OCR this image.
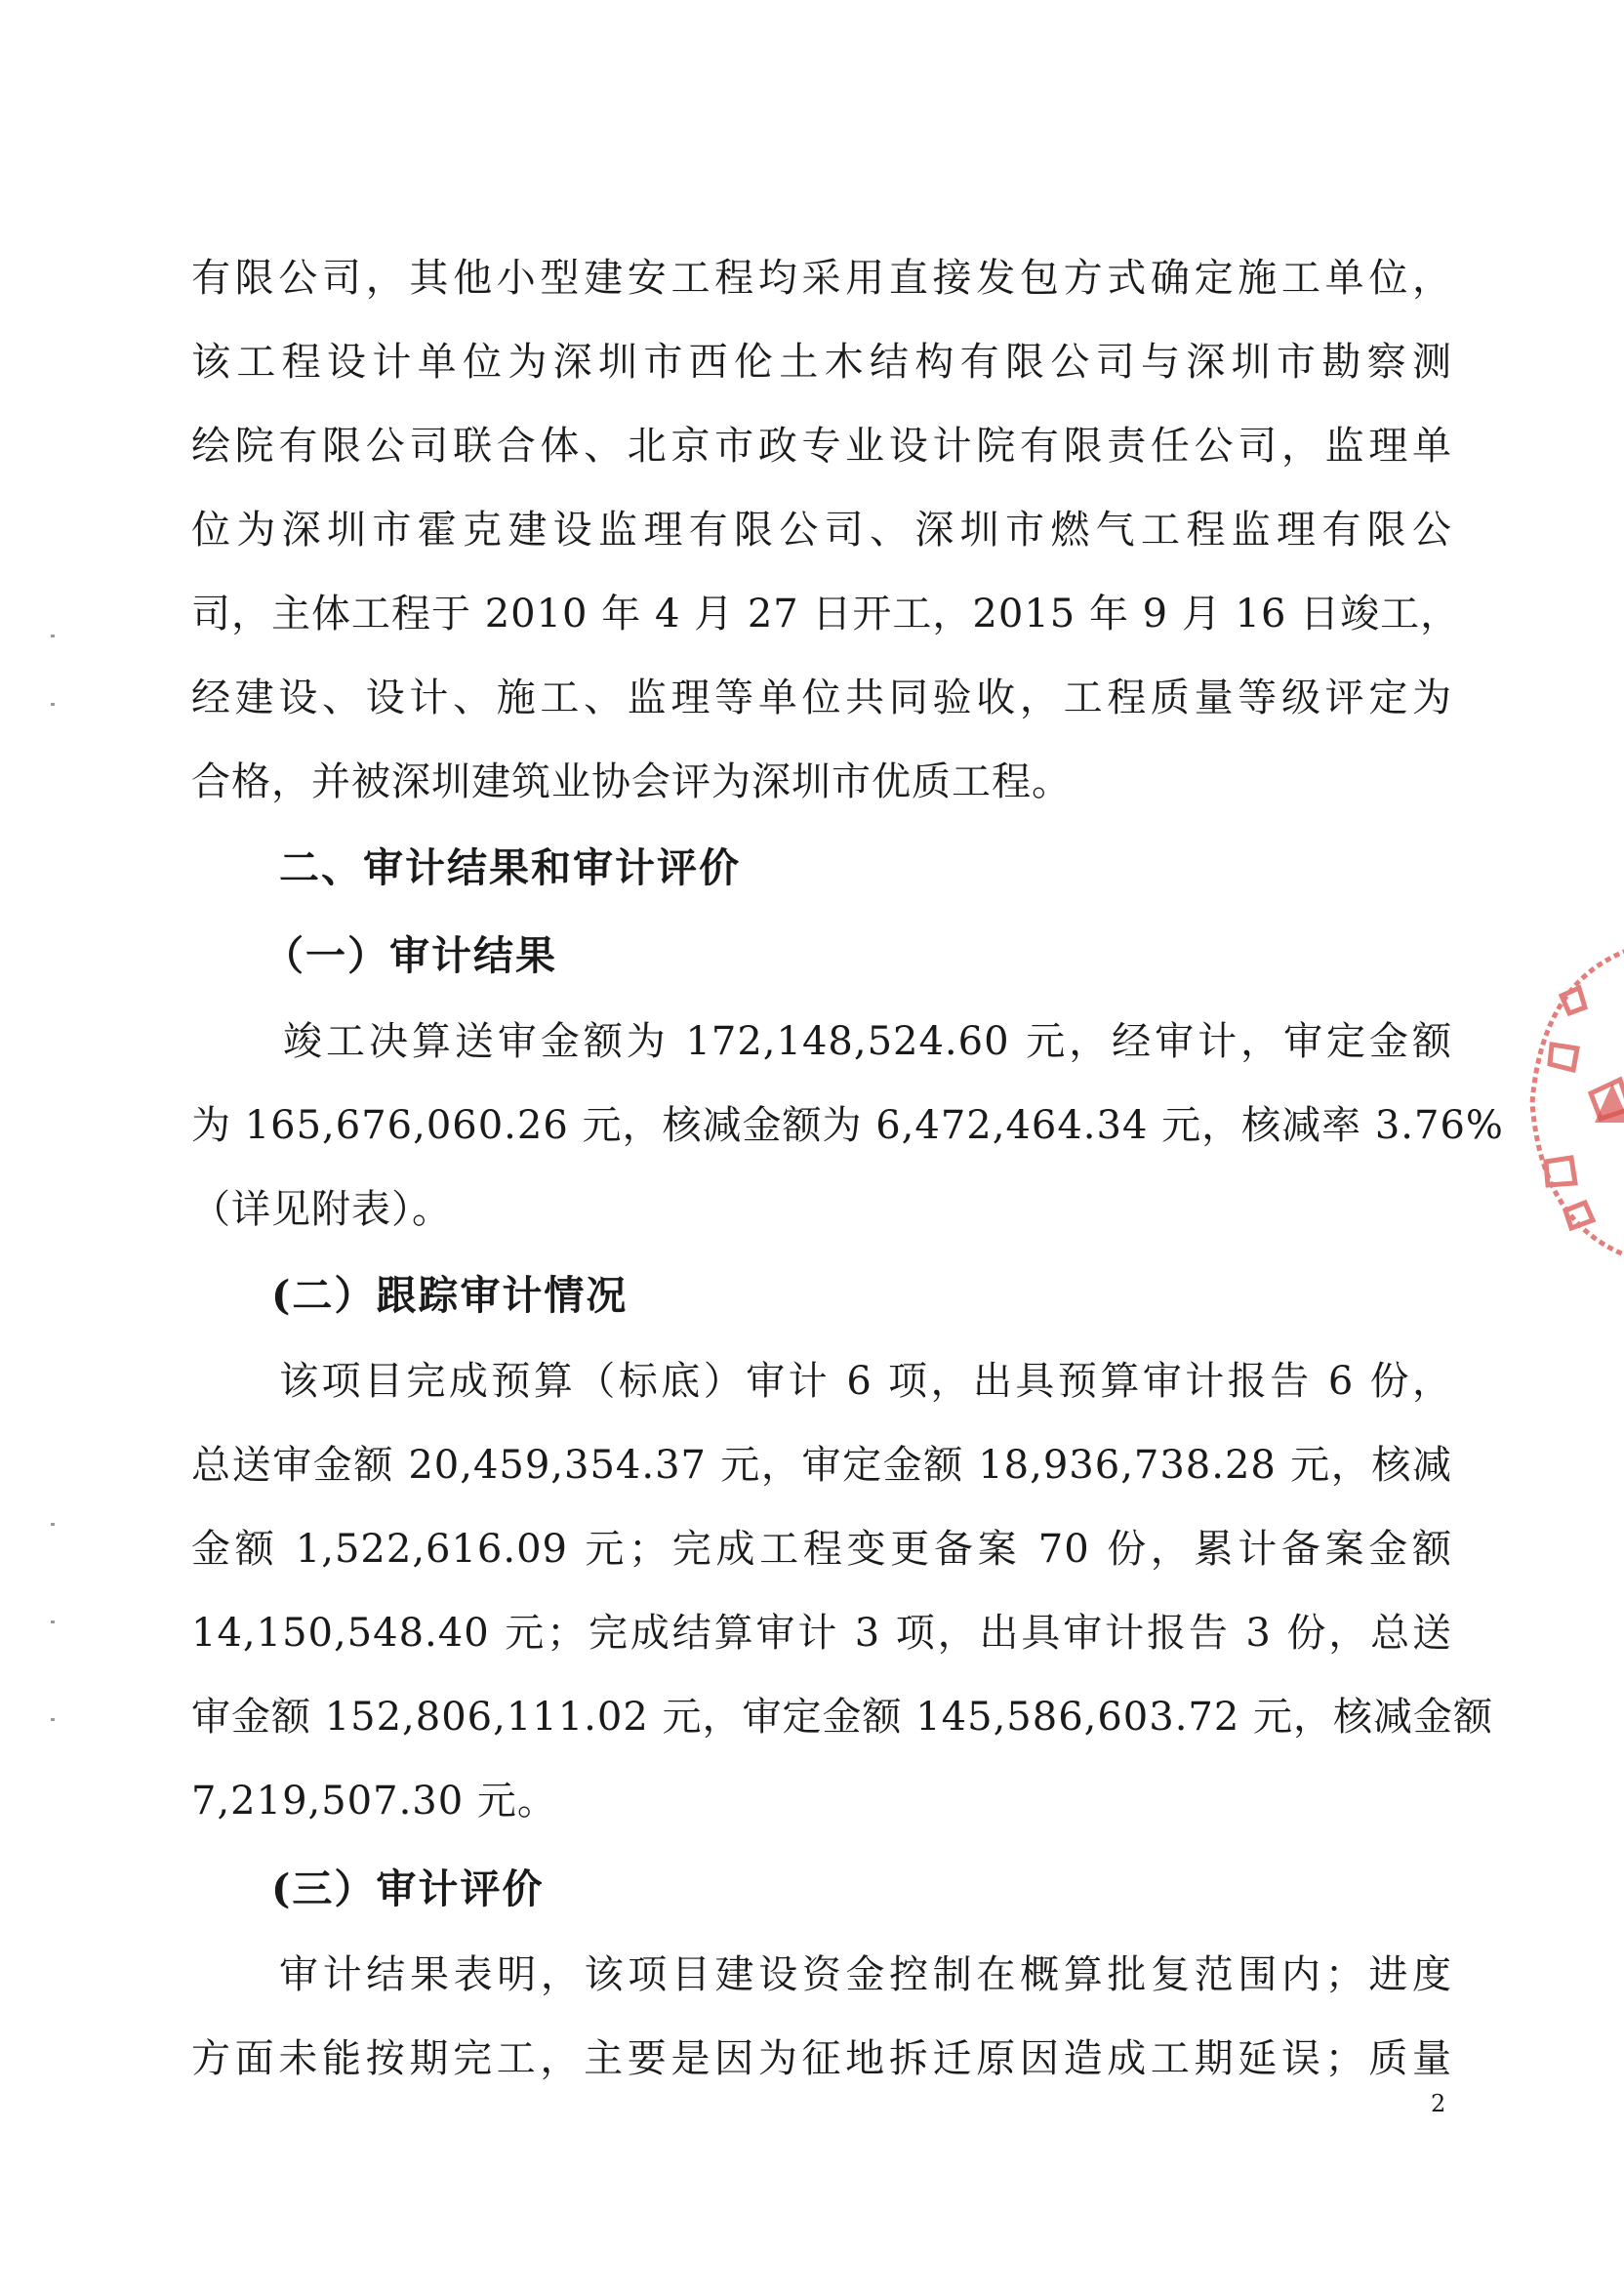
有限公司，其他小型建安工程均采用直接发包方式确定施工单位，
该工程设计单位为深圳市西伦土木结构有限公司与深圳市勘察测
绘院有限公司联合体、北京市政专业设计院有限责任公司，监理单
位为深圳市霍克建设监理有限公司、深圳市燃气工程监理有限公
司，主体工程于 2010 年 4 月 27 日开工，2015 年 9 月 16 日竣工，
经建设、设计、施工、监理等单位共同验收，工程质量等级评定为
合格，并被深圳建筑业协会评为深圳市优质工程。
二、审计结果和审计评价
（一）审计结果
竣工决算送审金额为 172,148,524.60 元，经审计，审定金额
为 165,676,060.26 元，核减金额为 6,472,464.34 元，核减率 3.76%
（详见附表）。
(二）跟踪审计情况
该项目完成预算（标底）审计 6 项，出具预算审计报告 6 份，
总送审金额 20,459,354.37 元，审定金额 18,936,738.28 元，核减
金额 1,522,616.09 元；完成工程变更备案 70 份，累计备案金额
14,150,548.40 元；完成结算审计 3 项，出具审计报告 3 份，总送
审金额 152,806,111.02 元，审定金额 145,586,603.72 元，核减金额
7,219,507.30 元。
(三）审计评价
审计结果表明，该项目建设资金控制在概算批复范围内；进度
方面未能按期完工，主要是因为征地拆迁原因造成工期延误；质量
2
